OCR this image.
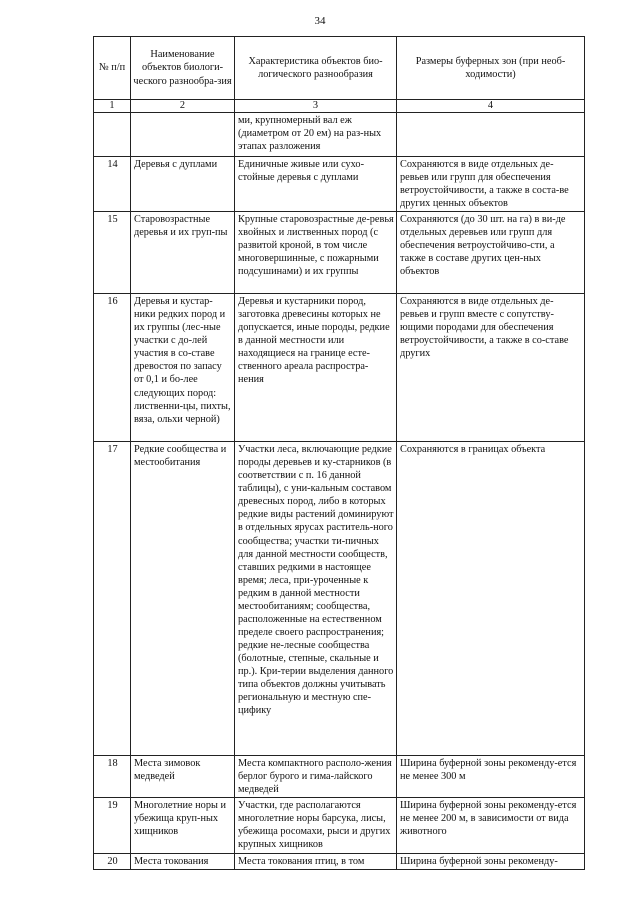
34
№ п/п	Наименование объектов биологи-ческого разнообра-зия	Характеристика объектов био-логического разнообразия	Размеры буферных зон (при необ-ходимости)
1	2	3	4
		ми, крупномерный вал еж (диаметром от 20 ем) на раз-ных этапах разложения	
14	Деревья с дуплами	Единичные живые или сухо-стойные деревья с дуплами	Сохраняются в виде отдельных де-ревьев или групп для обеспечения ветроустойчивости, а также в соста-ве других ценных объектов
15	Старовозрастные деревья и их груп-пы	Крупные старовозрастные де-ревья хвойных и лиственных пород (с развитой кроной, в том числе многовершинные, с пожарными подсушинами) и их группы	Сохраняются (до 30 шт. на га) в ви-де отдельных деревьев или групп для обеспечения ветроустойчиво-сти, а также в составе других цен-ных объектов
16	Деревья и кустар-ники редких пород и их группы (лес-ные участки с до-лей участия в со-ставе древостоя по запасу от 0,1 и бо-лее следующих пород: лиственни-цы, пихты, вяза, ольхи черной)	Деревья и кустарники пород, заготовка древесины которых не допускается, иные породы, редкие в данной местности или находящиеся на границе есте-ственного ареала распростра-нения	Сохраняются в виде отдельных де-ревьев и групп вместе с сопутству-ющими породами для обеспечения ветроустойчивости, а также в со-ставе других
17	Редкие сообщества и местообитания	Участки леса, включающие редкие породы деревьев и ку-старников (в соответствии с п. 16 данной таблицы), с уни-кальным составом древесных пород, либо в которых редкие виды растений доминируют в отдельных ярусах раститель-ного сообщества; участки ти-пичных для данной местности сообществ, ставших редкими в настоящее время; леса, при-уроченные к редким в данной местности местообитаниям; сообщества, расположенные на естественном пределе своего распространения; редкие не-лесные сообщества (болотные, степные, скальные и пр.). Кри-терии выделения данного типа объектов должны учитывать региональную и местную спе-цифику	Сохраняются в границах объекта
18	Места зимовок медведей	Места компактного располо-жения берлог бурого и гима-лайского медведей	Ширина буферной зоны рекоменду-ется не менее 300 м
19	Многолетние норы и убежища круп-ных хищников	Участки, где располагаются многолетние норы барсука, лисы, убежища росомахи, рыси и других крупных хищников	Ширина буферной зоны рекоменду-ется не менее 200 м, в зависимости от вида животного
20	Места токования	Места токования птиц, в том	Ширина буферной зоны рекоменду-
